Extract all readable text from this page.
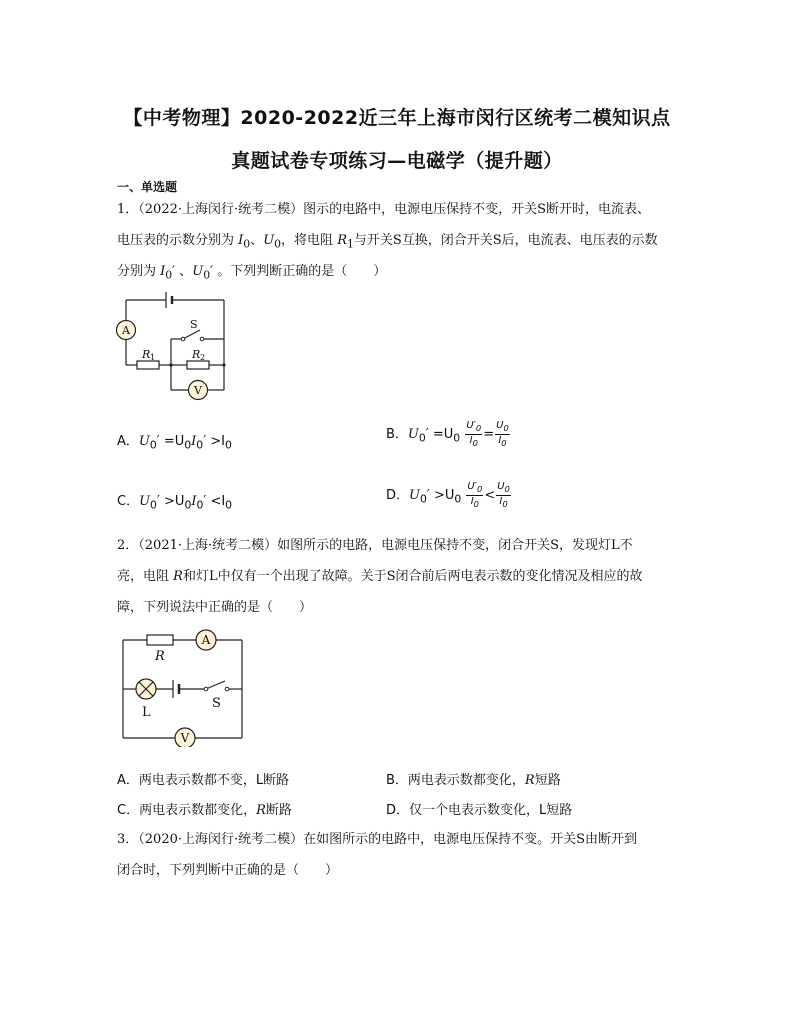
【中考物理】2020-2022近三年上海市闵行区统考二模知识点
真题试卷专项练习—电磁学（提升题）
一、单选题
1．（2022·上海闵行·统考二模）图示的电路中，电源电压保持不变，开关S断开时，电流表、
电压表的示数分别为 $I_0$、$U_0$，将电阻 $R_1$与开关S互换，闭合开关S后，电流表、电压表的示数
分别为 $I_0'$ 、$U_0'$ 。下列判断正确的是（　　）
A
V
S
R 1	R 2
A．$U_0' =U_0I_0' >I_0$
B．$U_0' =U_0 \frac{U'_0}{I_0} = \frac{U_0}{I_0}$
C．$U_0' >U_0I_0' <I_0$
D．$U_0' >U_0 \frac{U'_0}{I_0} < \frac{U_0}{I_0}$
2．（2021·上海·统考二模）如图所示的电路，电源电压保持不变，闭合开关S，发现灯L不
亮，电阻 R和灯L中仅有一个出现了故障。关于S闭合前后两电表示数的变化情况及相应的故
障，下列说法中正确的是（　　）
A
V
R
L
S
A．两电表示数都不变，L断路	B．两电表示数都变化，R短路
C．两电表示数都变化，R断路	D．仅一个电表示数变化，L短路
3．（2020·上海闵行·统考二模）在如图所示的电路中，电源电压保持不变。开关S由断开到
闭合时，下列判断中正确的是（　　）
